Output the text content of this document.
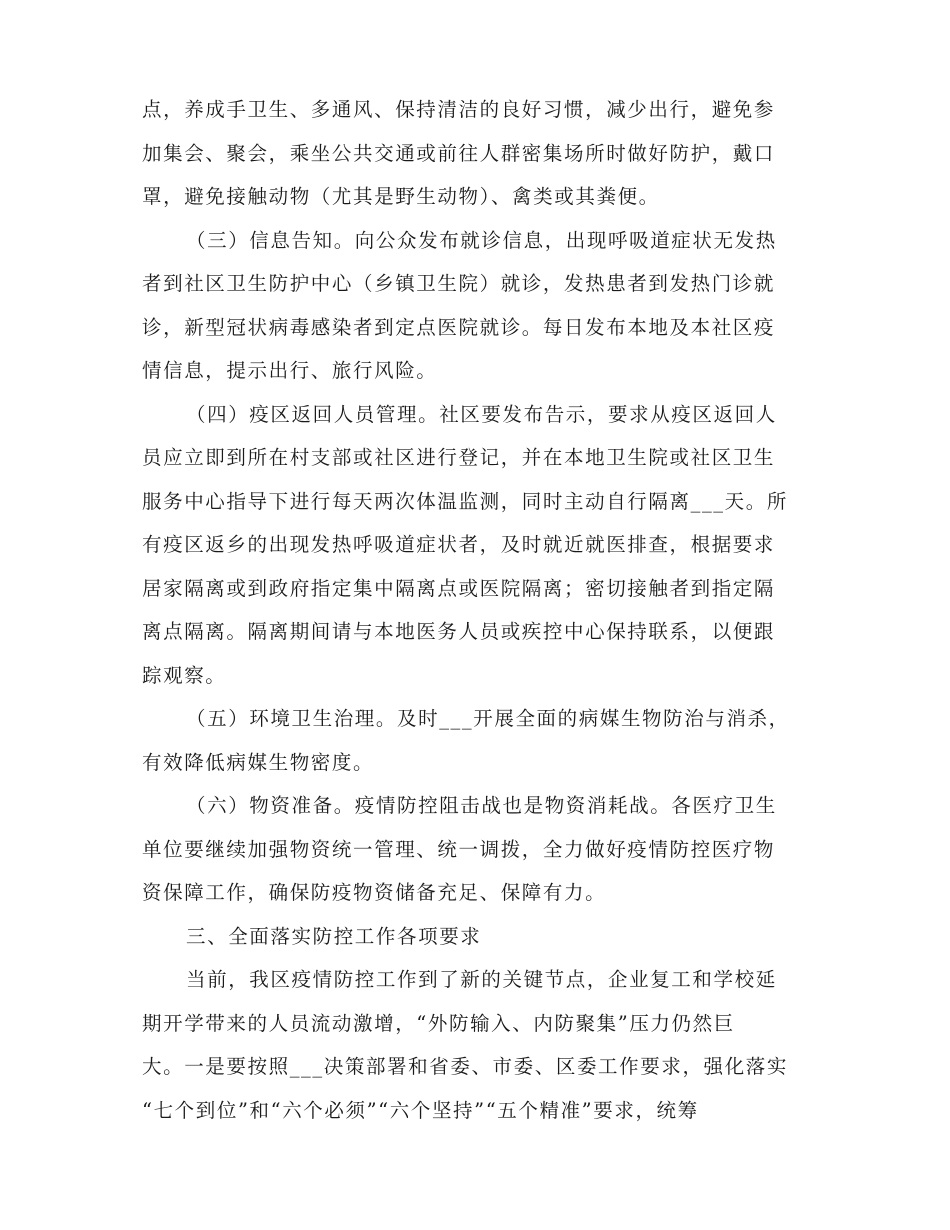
点，养成手卫生、多通风、保持清洁的良好习惯，减少出行，避免参
加集会、聚会，乘坐公共交通或前往人群密集场所时做好防护，戴口
罩，避免接触动物（尤其是野生动物）、禽类或其粪便。
（三）信息告知。向公众发布就诊信息，出现呼吸道症状无发热
者到社区卫生防护中心（乡镇卫生院）就诊，发热患者到发热门诊就
诊，新型冠状病毒感染者到定点医院就诊。每日发布本地及本社区疫
情信息，提示出行、旅行风险。
（四）疫区返回人员管理。社区要发布告示，要求从疫区返回人
员应立即到所在村支部或社区进行登记，并在本地卫生院或社区卫生
服务中心指导下进行每天两次体温监测，同时主动自行隔离___天。所
有疫区返乡的出现发热呼吸道症状者，及时就近就医排查，根据要求
居家隔离或到政府指定集中隔离点或医院隔离；密切接触者到指定隔
离点隔离。隔离期间请与本地医务人员或疾控中心保持联系，以便跟
踪观察。
（五）环境卫生治理。及时___开展全面的病媒生物防治与消杀，
有效降低病媒生物密度。
（六）物资准备。疫情防控阻击战也是物资消耗战。各医疗卫生
单位要继续加强物资统一管理、统一调拨，全力做好疫情防控医疗物
资保障工作，确保防疫物资储备充足、保障有力。
三、全面落实防控工作各项要求
当前，我区疫情防控工作到了新的关键节点，企业复工和学校延
期开学带来的人员流动激增，“外防输入、内防聚集”压力仍然巨
大。一是要按照___决策部署和省委、市委、区委工作要求，强化落实
“七个到位”和“六个必须”“六个坚持”“五个精准”要求，统筹
